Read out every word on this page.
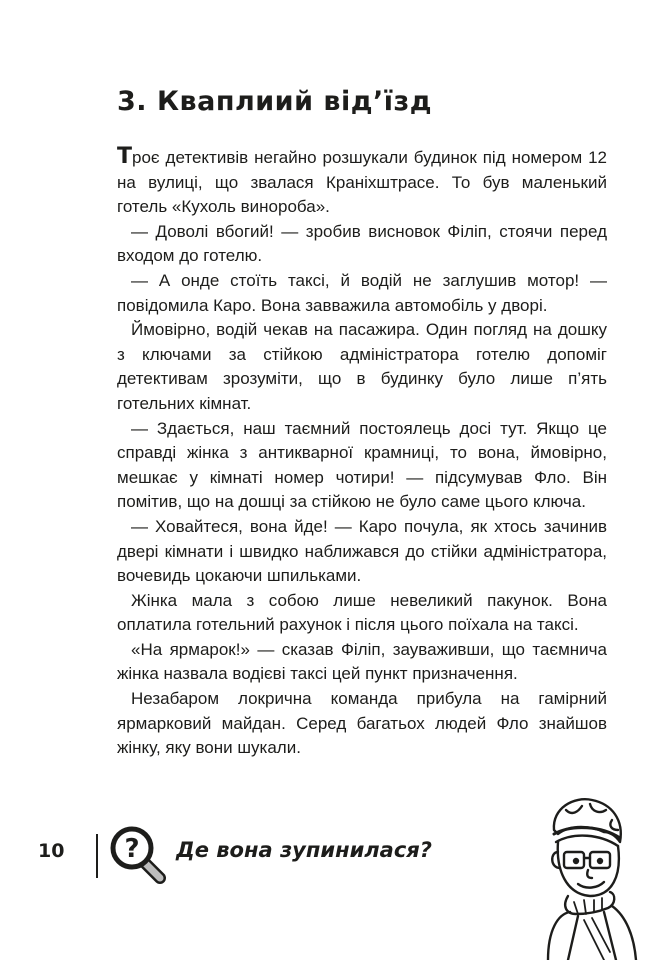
3. Кваплиий від’їзд

Троє детективів негайно розшукали будинок під номером 12 на вулиці, що звалася Краніхштрасе. То був маленький готель «Кухоль винороба».

— Доволі вбогий! — зробив висновок Філіп, стоячи перед входом до готелю.

— А онде стоїть таксі, й водій не заглушив мотор! — повідомила Каро. Вона завважила автомобіль у дворі.

Ймовірно, водій чекав на пасажира. Один погляд на дошку з ключами за стійкою адміністратора готелю допоміг детективам зрозуміти, що в будинку було лише п’ять готельних кімнат.

— Здається, наш таємний постоялець досі тут. Якщо це справді жінка з антикварної крамниці, то вона, ймовірно, мешкає у кімнаті номер чотири! — підсумував Фло. Він помітив, що на дошці за стійкою не було саме цього ключа.

— Ховайтеся, вона йде! — Каро почула, як хтось зачинив двері кімнати і швидко наближався до стійки адміністратора, вочевидь цокаючи шпильками.

Жінка мала з собою лише невеликий пакунок. Вона оплатила готельний рахунок і після цього поїхала на таксі.

«На ярмарок!» — сказав Філіп, зауваживши, що таємнича жінка назвала водієві таксі цей пункт призначення.

Незабаром локрична команда прибула на гамірний ярмарковий майдан. Серед багатьох людей Фло знайшов жінку, яку вони шукали.

10 ? Де вона зупинилася?
